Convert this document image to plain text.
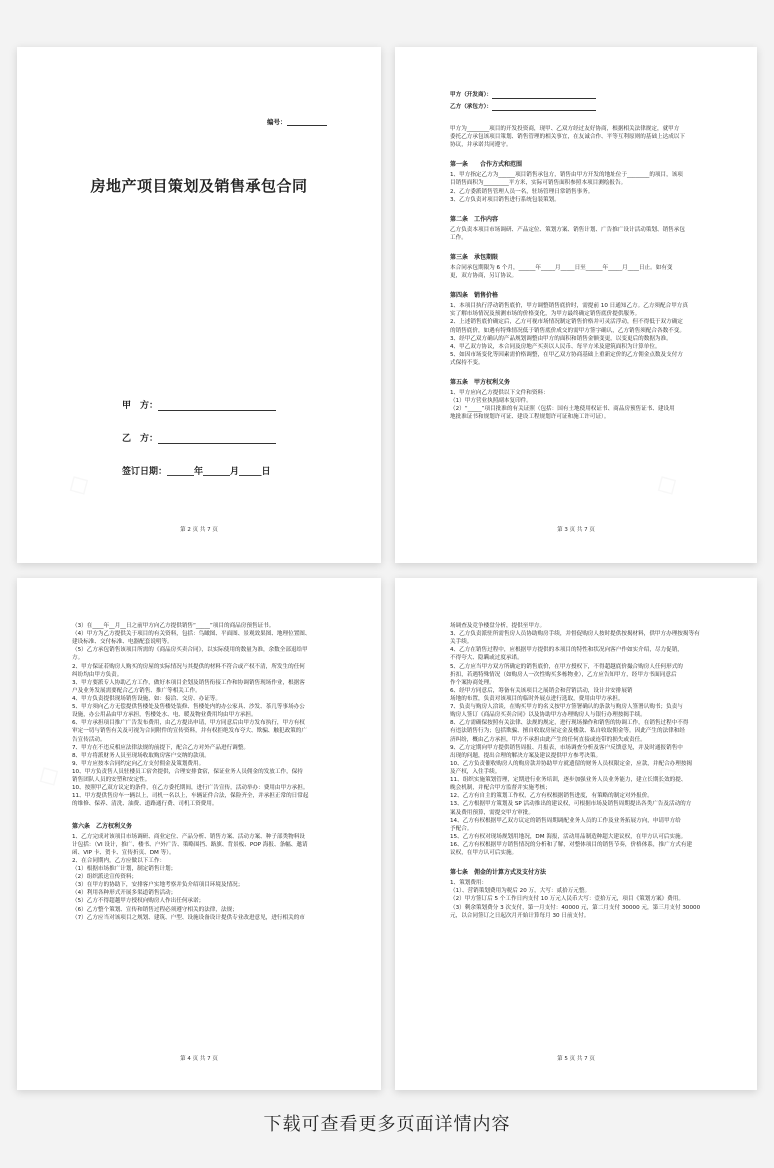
编号：
房地产项目策划及销售承包合同
甲　方：
乙　方：
签订日期：______年______月_____日
第 2 页 共 7 页
甲方（开发商）：
乙方（承包方）：
甲方为________项目的开发投资商，现甲、乙双方经过友好协商，根据相关法律规定，就甲方
委托乙方承包该项目策划、销售管理的相关事宜，在友诚合作、平等互利原则的基础上达成以下
协议，并承诺共同遵守。
第一条　　合作方式和范围
1、甲方指定乙方为______项目销售承包方，销售由甲方开发的地址位于________的项目，该项
目销售面积为_________平方米，实际可销售面积参照本项目测绘报告。
2、乙方委派销售管理人员一名，驻场管理日常销售事务。
3、乙方负责对项目销售进行系统包装策划。
第二条　工作内容
乙方负责本项目市场调研、产品定位、策划方案、销售计划、广告推广设计活动策划、销售承包
工作。
第三条　承包期限
本合同承包期限为 6 个月，______年_____月_____日至______年_____月____日止。如有变
更，双方协商，另订协议。
第四条　销售价格
1、本项目执行浮动销售底价，甲方调整销售底价时，需提前 10 日通知乙方。乙方须配合甲方真
实了解市场情况及预测市场的价格变化，为甲方最终确定销售底价提供服务。
2、上述销售底价确定后，乙方可视市场情况制定销售价格并可灵活浮动，但不得低于双方确定
的销售底价，如遇有特殊情况低于销售底价成交的需甲方签字确认，乙方销售须配合各数不变。
3、经甲乙双方确认的产品规划调整由甲方的面积和销售金额变更，以变更后的数据为准。
4、甲乙双方协议，本合同及房地产买卖以人民币、每平方米及建筑面积为计算单位。
5、如因市场变化等因素需价格调整，在甲乙双方协商基础上重新定价的乙方佣金点数及支付方
式保持不变。
第五条　甲方权利义务
1、甲方应向乙方提供以下文件和资料：
（1）甲方营业执照副本复印件。
（2）“_____”项目批准的有关证照（包括：国有土地使用权证书、商品房预售证书、建设用
地批准证书和规划许可证、建设工程规划许可证和施工许可证）。
第 3 页 共 7 页
（3）在____年__月__日之前甲方向乙方提供销售“_____”项目的商品房预售证书。
（4）甲方为乙方提供关于项目的有关资料，包括：鸟瞰图、平面图、景观效果图、地理位置图、
建设标准、交付标准、电器配套说明等。
（5）乙方承包销售该项目所需的《商品房买卖合同》，以实际使用的数量为准，余数全部退给甲
方。
2、甲方保证若购房人购买的房屋的实际情况与其提供的材料不符合或产权不清，所发生的任何
纠纷均由甲方负责。
3、甲方要派专人协助乙方工作，做好本项目企划及销售衔接工作和协调销售现场作业，根据客
户及业务发展需要配合乙方销售、推广等相关工作。
4、甲方负责提供现场销售设施，如：接洽、交房、办证等。
5、甲方须向乙方无偿提供售楼处及售楼处装修、售楼处内的办公家具、沙发、茶几等事场办公
设施，办公用品由甲方承担，售楼处水、电、暖及物业费用均由甲方承担。
6、甲方承担项目推广广告发布费用，由乙方提出申请，甲方同意后由甲方发布执行，甲方有权
审定一切与销售有关及可视为合同附件的宣传资料，并有权拒绝发布夸大、欺骗、触犯政策的广
告宣传活动。
7、甲方在不违反相应法律法规的前提下，配合乙方对外产品进行调整。
8、甲方将派财务人员至现场收取购房客户交纳的款项。
9、甲方应按本合同约定向乙方支付佣金及策划费用。
10、甲方负责售人员驻楼员工宿舍提供，合理安排食宿，保证业务人员佣金的发放工作，保持
销售团队人员的安塑和安定性。
10、按照甲乙双方议定的条件，在乙方委托期间，进行广告宣传，活动举办：费用由甲方承担。
11、甲方提供售房车一辆以上，司机一名以上，车辆证件合法，保险齐全，并承担正常的日常起
的维修、保养、清洗、油费、道路通行费、司机工资费用。
第六条　乙方权利义务
1、乙方完成对该项目市场调研、商业定位、产品分析、销售方案、活动方案、种子部类物料设
计包括：（VI 设计，推广、楼书、户外广告、策略围挡、路旗、背景板、POP 海报、条幅、邀请
函、VIP 卡、贺卡、宣传折页、DM 等）。
2、在合同期内，乙方应做以下工作：
（1）根据市场推广计划，制定销售计划；
（2）组织派送宣传资料；
（3）在甲方的协助下，安排客户实地考察并负介绍项目环境及情况；
（4）利用各种形式开展多渠道销售活动；
（5）乙方不得超越甲方授权向购房人作出任何承诺；
（6）乙方整个策划、宣传和销售过程必须遵守相关的法律，法规；
（7）乙方应当对该项目之规划、建筑、户型、设施设备设计提供专业改进意见，进行相关的市
第 4 页 共 7 页
场调查及竞争楼盘分析，提供至甲方。
3、乙方负责派驻所需售房人员协助购房手续，并督促购房人按时提供按揭材料，供甲方办理按揭等有
关手续。
4、乙方在销售过程中，应根据甲方提供的本项目的特性和状况向客户作如实介绍，尽力促销，
不得夸大、隐瞒或过度承诺。
5、乙方应当甲方双方所确定的销售底价，在甲方授权下，不得超越底价撮合购房人任何形式的
折扣，若遇特殊情况（如购房人一次性购买多栋物业），乙方应告知甲方，经甲方书面同意后
作个案协商处理。
6、经甲方同意后，筹备有关该项目之展销会和营销活动，设计并安排展销
场地的布置，负责对该项目的临时外展点进行选取，费用由甲方承担。
7、负责与购房人洽谈，在购买甲方的名义按甲方签署确认的条款与购房人签署认购书；负责与
购房人签订《商品房买卖合同》以及协助甲方办理购房人与银行办理按揭手续。
8、乙方需确保按照有关法律、法规的规定，进行现场操作和销售的协调工作，在销售过程中不得
有违法销售行为；包括欺骗、擅自收取房屋定金及楼款、私自收取佣金等。因此产生的法律和经
济纠纷，概由乙方承担，甲方不承担由此产生的任何直接或连带的损失或责任。
9、乙方定期向甲方提供销售周报、月报表，市场调查分析及客户反馈意见，并及时通报销售中
出现的问题，提出合理的解决方案及建议提供甲方参考决策。
10、乙方负责催收购房人的购房款并协助甲方就遗留的财务人员权限定金，应款，并配合办理按揭
及产权，入住手续。
11、组织实施策划管理，定期进行业务培训，逐步加强业务人员业务能力，建立长期长效的提、
晚会机制，并配合甲方监督并实施考核；
12、乙方有自主的策划工作权，乙方有权根据销售进度，有策略的制定对外报价。
13、乙方根据甲方策划及 SP 活动推出的建议权，可根据市场及销售周期提出各类广告及活动的方
案及费用预算，需提交甲方审批。
14、乙方有权根据甲乙双方议定的销售周期调配业务人员的工作及业务拓展方向，申请甲方给
予配合。
15、乙方有权对现场规划用地况，DM 海报，活动用品制造种超大建议权，在甲方认可后实施。
16、乙方有权根据甲方销售情况的分析和了解，对整体项目的销售节奏，价格体系，推广方式有建
议权，在甲方认可后实施。
第七条　佣金的计算方式及支付方法
1、策划费用：
（1）、营销策划费用为税后 20 万，大写：贰拾万元整。
（2）甲方签订后 5 个工作日内支付 10 万元人民币大写：壹拾万元，项目《策划方案》费用。
（3）剩余策划费分 3 次支付，第一月支付：40000 元，第二月支付 30000 元，第三月支付 30000
元，以合同签订之日起次月开始计算每月 30 日前支付。
第 5 页 共 7 页
下载可查看更多页面详情内容
